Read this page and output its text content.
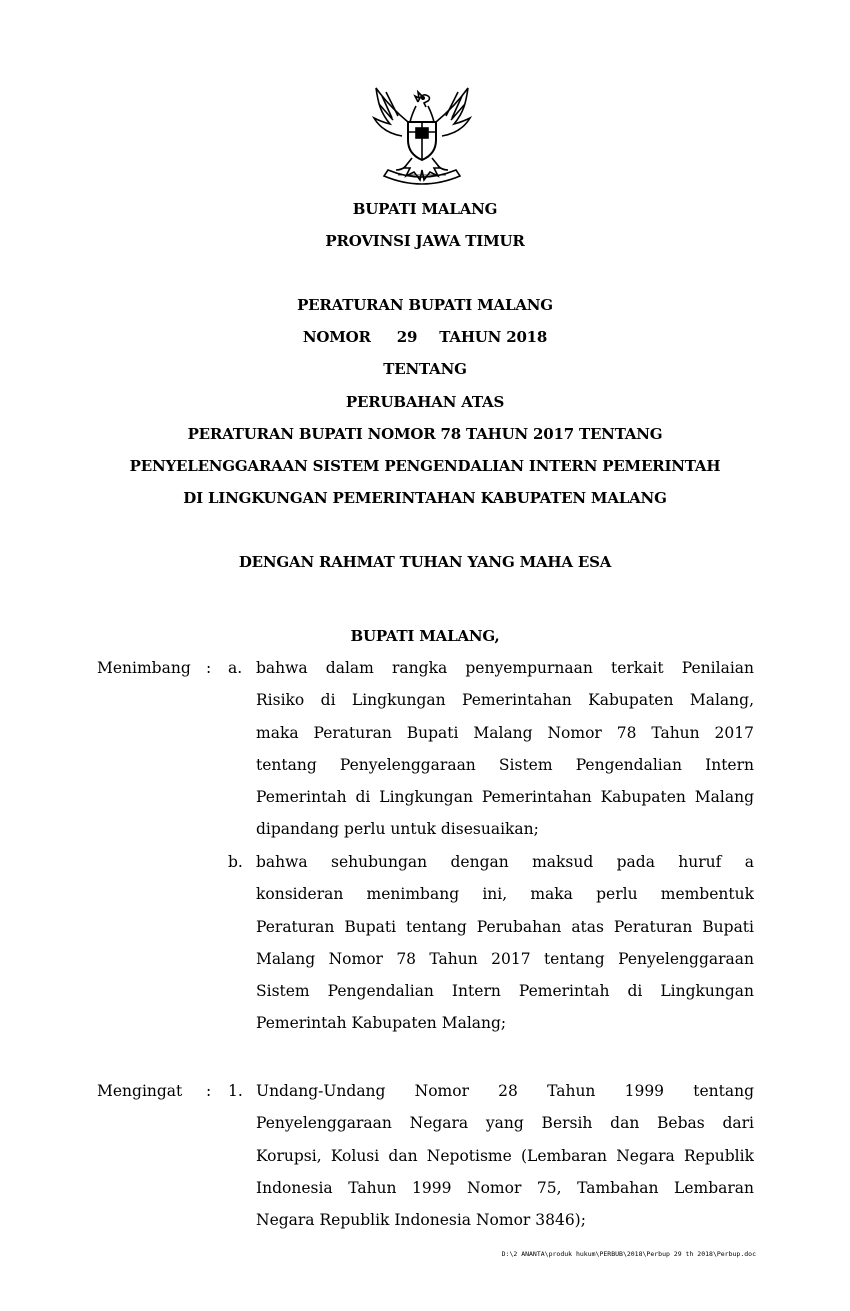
BUPATI MALANG
PROVINSI JAWA TIMUR
PERATURAN BUPATI MALANG
NOMOR 29 TAHUN 2018
TENTANG
PERUBAHAN ATAS
PERATURAN BUPATI NOMOR 78 TAHUN 2017 TENTANG
PENYELENGGARAAN SISTEM PENGENDALIAN INTERN PEMERINTAH
DI LINGKUNGAN PEMERINTAHAN KABUPATEN MALANG
DENGAN RAHMAT TUHAN YANG MAHA ESA
BUPATI MALANG,
Menimbang : a. bahwa dalam rangka penyempurnaan terkait Penilaian
Risiko di Lingkungan Pemerintahan Kabupaten Malang,
maka Peraturan Bupati Malang Nomor 78 Tahun 2017
tentang Penyelenggaraan Sistem Pengendalian Intern
Pemerintah di Lingkungan Pemerintahan Kabupaten Malang
dipandang perlu untuk disesuaikan;
b. bahwa sehubungan dengan maksud pada huruf a
konsideran menimbang ini, maka perlu membentuk
Peraturan Bupati tentang Perubahan atas Peraturan Bupati
Malang Nomor 78 Tahun 2017 tentang Penyelenggaraan
Sistem Pengendalian Intern Pemerintah di Lingkungan
Pemerintah Kabupaten Malang;
Mengingat : 1. Undang-Undang Nomor 28 Tahun 1999 tentang
Penyelenggaraan Negara yang Bersih dan Bebas dari
Korupsi, Kolusi dan Nepotisme (Lembaran Negara Republik
Indonesia Tahun 1999 Nomor 75, Tambahan Lembaran
Negara Republik Indonesia Nomor 3846);
D:\2 ANANTA\produk hukum\PERBUB\2018\Perbup 29 th 2018\Perbup.doc
